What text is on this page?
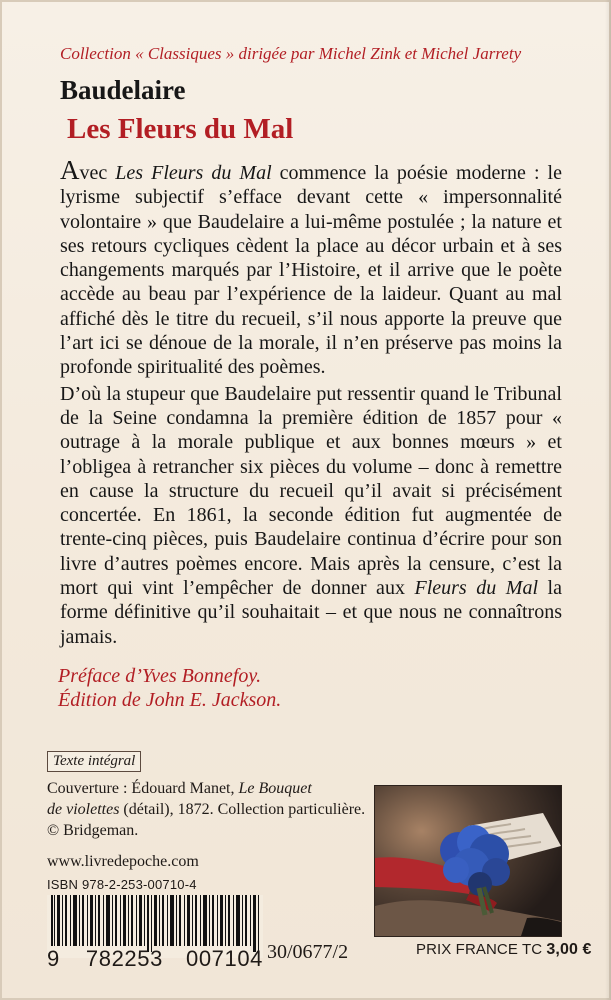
Collection « Classiques » dirigée par Michel Zink et Michel Jarrety
Baudelaire
Les Fleurs du Mal

Avec Les Fleurs du Mal commence la poésie moderne : le lyrisme subjectif s’efface devant cette « impersonnalité volontaire » que Baudelaire a lui-même postulée ; la nature et ses retours cycliques cèdent la place au décor urbain et à ses changements marqués par l’Histoire, et il arrive que le poète accède au beau par l’expérience de la laideur. Quant au mal affiché dès le titre du recueil, s’il nous apporte la preuve que l’art ici se dénoue de la morale, il n’en préserve pas moins la profonde spiritualité des poèmes.

D’où la stupeur que Baudelaire put ressentir quand le Tribunal de la Seine condamna la première édition de 1857 pour « outrage à la morale publique et aux bonnes mœurs » et l’obligea à retrancher six pièces du volume – donc à remettre en cause la structure du recueil qu’il avait si précisément concertée. En 1861, la seconde édition fut augmentée de trente-cinq pièces, puis Baudelaire continua d’écrire pour son livre d’autres poèmes encore. Mais après la censure, c’est la mort qui vint l’empêcher de donner aux Fleurs du Mal la forme définitive qu’il souhaitait – et que nous ne connaîtrons jamais.

Préface d’Yves Bonnefoy.
Édition de John E. Jackson.
Texte intégral
Couverture : Édouard Manet, Le Bouquet
de violettes (détail), 1872. Collection particulière. © Bridgeman.
www.livredepoche.com
ISBN 978-2-253-00710-4
9 782253 007104 30/0677/2	PRIX FRANCE TC 3,00 €
